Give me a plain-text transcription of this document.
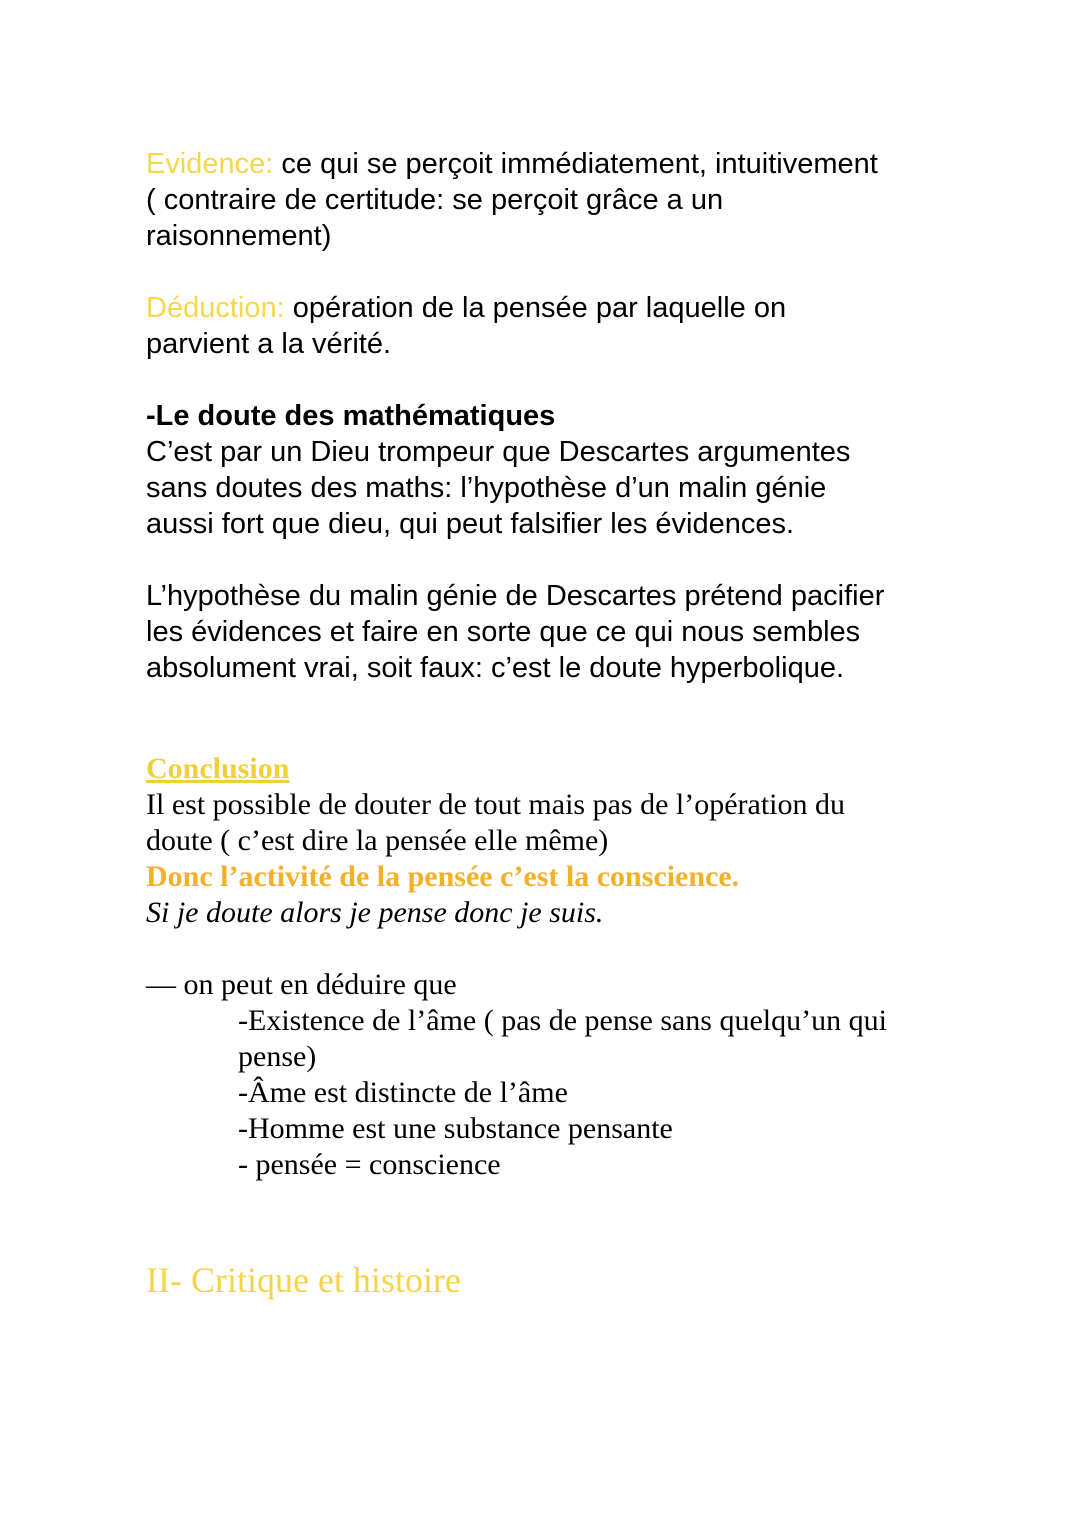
Evidence: ce qui se perçoit immédiatement, intuitivement
( contraire de certitude: se perçoit grâce a un
raisonnement)
Déduction: opération de la pensée par laquelle on
parvient a la vérité.
-Le doute des mathématiques
C’est par un Dieu trompeur que Descartes argumentes
sans doutes des maths: l’hypothèse d’un malin génie
aussi fort que dieu, qui peut falsifier les évidences.
L’hypothèse du malin génie de Descartes prétend pacifier
les évidences et faire en sorte que ce qui nous sembles
absolument vrai, soit faux: c’est le doute hyperbolique.
Conclusion
Il est possible de douter de tout mais pas de l’opération du
doute ( c’est dire la pensée elle même)
Donc l’activité de la pensée c’est la conscience.
Si je doute alors je pense donc je suis.
— on peut en déduire que
-Existence de l’âme ( pas de pense sans quelqu’un qui
pense)
-Âme est distincte de l’âme
-Homme est une substance pensante
- pensée = conscience
II- Critique et histoire
